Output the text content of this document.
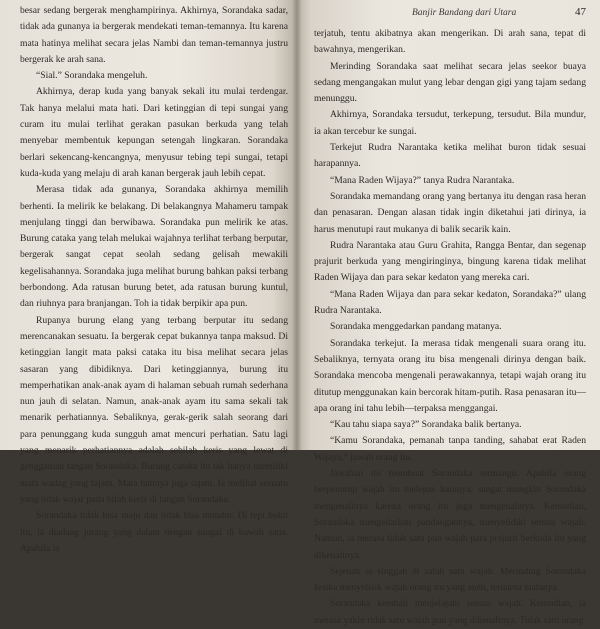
besar sedang bergerak menghampirinya. Akhirnya, Sorandaka sadar, tidak ada gunanya ia bergerak mendekati teman-temannya. Itu karena mata hatinya melihat secara jelas Nambi dan teman-temannya justru bergerak ke arah sana.

“Sial.” Sorandaka mengeluh.

Akhirnya, derap kuda yang banyak sekali itu mulai terdengar. Tak hanya melalui mata hati. Dari ketinggian di tepi sungai yang curam itu mulai terlihat gerakan pasukan berkuda yang telah menyebar membentuk kepungan setengah lingkaran. Sorandaka berlari sekencang-kencangnya, menyusur tebing tepi sungai, tetapi kuda-kuda yang melaju di arah kanan bergerak jauh lebih cepat.

Merasa tidak ada gunanya, Sorandaka akhirnya memilih berhenti. Ia melirik ke belakang. Di belakangnya Mahameru tampak menjulang tinggi dan berwibawa. Sorandaka pun melirik ke atas. Burung cataka yang telah melukai wajahnya terlihat terbang berputar, bergerak sangat cepat seolah sedang gelisah mewakili kegelisahannya. Sorandaka juga melihat burung bahkan paksi terbang berbondong. Ada ratusan burung betet, ada ratusan burung kuntul, dan riuhnya para branjangan. Toh ia tidak berpikir apa pun.

Rupanya burung elang yang terbang berputar itu sedang merencanakan sesuatu. Ia bergerak cepat bukannya tanpa maksud. Di ketinggian langit mata paksi cataka itu bisa melihat secara jelas sasaran yang dibidiknya. Dari ketinggiannya, burung itu memperhatikan anak-anak ayam di halaman sebuah rumah sederhana nun jauh di selatan. Namun, anak-anak ayam itu sama sekali tak menarik perhatiannya. Sebaliknya, gerak-gerik salah seorang dari para penunggang kuda sungguh amat mencuri perhatian. Satu lagi yang menarik perhatiannya adalah sebilah keris yang lewat di genggaman tangan Sorandaka. Burung cataka itu tak hanya memiliki mata wadag yang tajam. Mata hatinya juga tajam. Ia melihat sesuatu yang tidak wajar pada bilah keris di tangan Sorandaka.

Sorandaka tidak bisa maju dan tidak bisa mundur. Di tepi bukit itu, ia diadang jurang yang dalam dengan sungai di bawah sana. Apabila ia

Banjir Bandang dari Utara	47

terjatuh, tentu akibatnya akan mengerikan. Di arah sana, tepat di bawahnya, mengerikan.

Merinding Sorandaka saat melihat secara jelas seekor buaya sedang mengangakan mulut yang lebar dengan gigi yang tajam sedang menunggu.

Akhirnya, Sorandaka tersudut, terkepung, tersudut. Bila mundur, ia akan tercebur ke sungai.

Terkejut Rudra Narantaka ketika melihat buron tidak sesuai harapannya.

“Mana Raden Wijaya?” tanya Rudra Narantaka.

Sorandaka memandang orang yang bertanya itu dengan rasa heran dan penasaran. Dengan alasan tidak ingin diketahui jati dirinya, ia harus menutupi raut mukanya di balik secarik kain.

Rudra Narantaka atau Guru Grahita, Rangga Bentar, dan segenap prajurit berkuda yang mengiringinya, bingung karena tidak melihat Raden Wijaya dan para sekar kedaton yang mereka cari.

“Mana Raden Wijaya dan para sekar kedaton, Sorandaka?” ulang Rudra Narantaka.

Sorandaka menggedarkan pandang matanya.

Sorandaka terkejut. Ia merasa tidak mengenali suara orang itu. Sebaliknya, ternyata orang itu bisa mengenali dirinya dengan baik. Sorandaka mencoba mengenali perawakannya, tetapi wajah orang itu ditutup menggunakan kain bercorak hitam-putih. Rasa penasaran itu—apa orang ini tahu lebih—terpaksa menggangai.

“Kau tahu siapa saya?” Sorandaka balik bertanya.

“Kamu Sorandaka, pemanah tanpa tanding, sahabat erat Raden Wijaya,” jawab orang itu.

Jawaban itu membuat Sorandaka termangu. Apabila orang berpenutup wajah itu melepas kainnya, sangat mungkin Sorandaka mengenalinya karena orang itu juga mengenalinya. Kemudian, Sorandaka mengedarkan pandangannya, menyelidiki semua wajah. Namun, ia merasa tidak satu pun wajah para prajurit berkuda itu yang dikenalinya.

Sejenak ia singgah di salah satu wajah. Merinding Sorandaka ketika menyelisik wajah orang itu yang anéh, teruarna matanya.

Sorandaka kembali menjelajahi semua wajah. Kemudian, ia merasa yakin tidak satu wajah pun yang dikenalinya. Tidak satu orang
